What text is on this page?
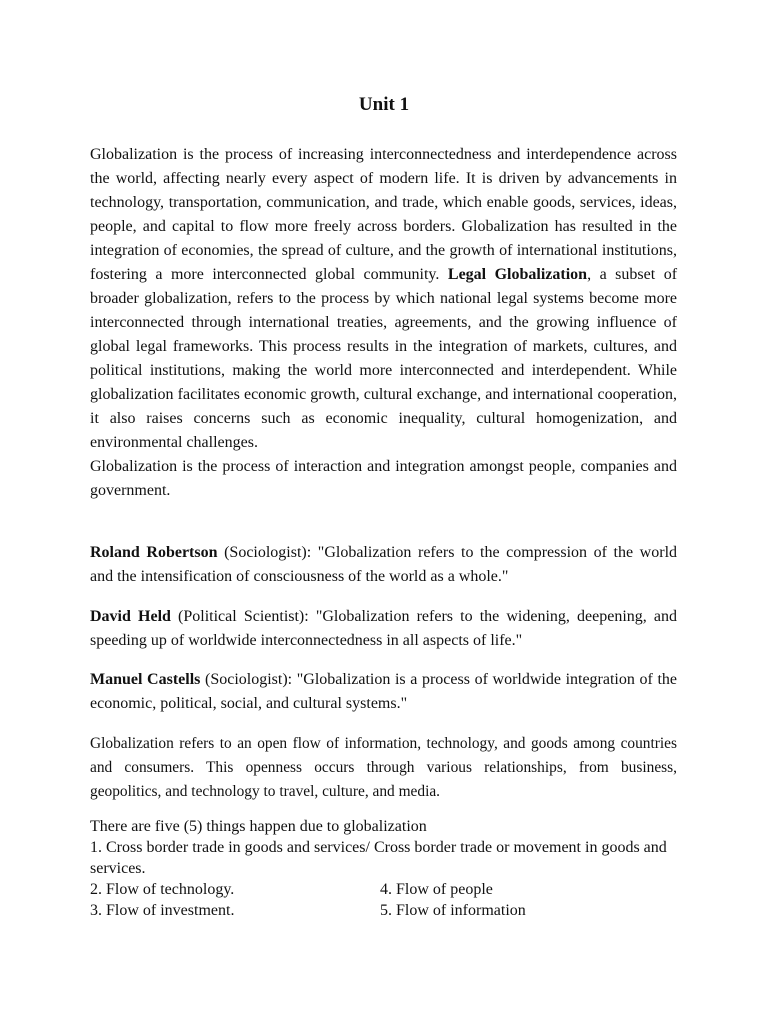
Unit 1
Globalization is the process of increasing interconnectedness and interdependence across the world, affecting nearly every aspect of modern life. It is driven by advancements in technology, transportation, communication, and trade, which enable goods, services, ideas, people, and capital to flow more freely across borders. Globalization has resulted in the integration of economies, the spread of culture, and the growth of international institutions, fostering a more interconnected global community. Legal Globalization, a subset of broader globalization, refers to the process by which national legal systems become more interconnected through international treaties, agreements, and the growing influence of global legal frameworks. This process results in the integration of markets, cultures, and political institutions, making the world more interconnected and interdependent. While globalization facilitates economic growth, cultural exchange, and international cooperation, it also raises concerns such as economic inequality, cultural homogenization, and environmental challenges.
Globalization is the process of interaction and integration amongst people, companies and government.

Roland Robertson (Sociologist): "Globalization refers to the compression of the world and the intensification of consciousness of the world as a whole."

David Held (Political Scientist): "Globalization refers to the widening, deepening, and speeding up of worldwide interconnectedness in all aspects of life."

Manuel Castells (Sociologist): "Globalization is a process of worldwide integration of the economic, political, social, and cultural systems."

Globalization refers to an open flow of information, technology, and goods among countries and consumers. This openness occurs through various relationships, from business, geopolitics, and technology to travel, culture, and media.

There are five (5) things happen due to globalization
1. Cross border trade in goods and services/ Cross border trade or movement in goods and services.
2. Flow of technology.	4. Flow of people
3. Flow of investment.	5. Flow of information
